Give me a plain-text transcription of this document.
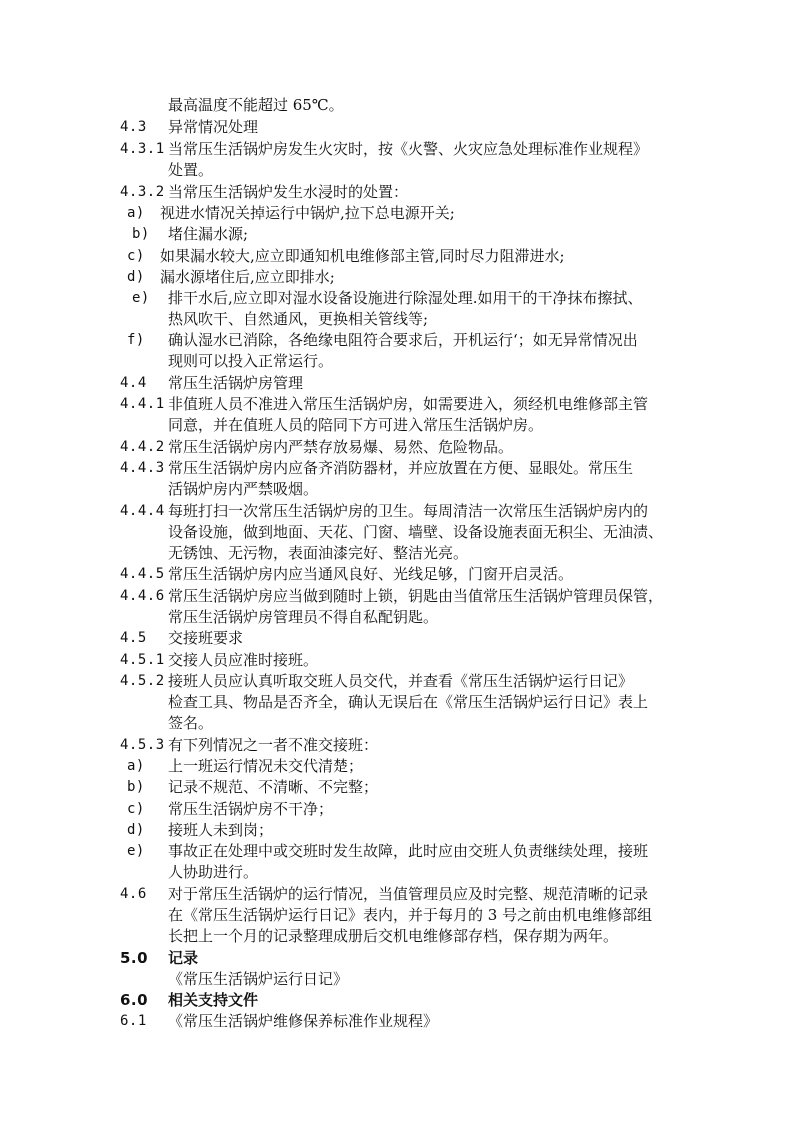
最高温度不能超过 65℃。
4.3 异常情况处理
4.3.1 当常压生活锅炉房发生火灾时，按《火警、火灾应急处理标准作业规程》
处置。
4.3.2 当常压生活锅炉发生水浸时的处置：
a) 视进水情况关掉运行中锅炉,拉下总电源开关;
b) 堵住漏水源;
c) 如果漏水较大,应立即通知机电维修部主管,同时尽力阻滞进水;
d) 漏水源堵住后,应立即排水;
e) 排干水后,应立即对湿水设备设施进行除湿处理.如用干的干净抹布擦拭、
热风吹干、自然通风，更换相关管线等;
f) 确认湿水已消除，各绝缘电阻符合要求后，开机运行‘；如无异常情况出
现则可以投入正常运行。
4.4 常压生活锅炉房管理
4.4.1 非值班人员不准进入常压生活锅炉房，如需要进入，须经机电维修部主管
同意，并在值班人员的陪同下方可进入常压生活锅炉房。
4.4.2 常压生活锅炉房内严禁存放易爆、易然、危险物品。
4.4.3 常压生活锅炉房内应备齐消防器材，并应放置在方便、显眼处。常压生
活锅炉房内严禁吸烟。
4.4.4 每班打扫一次常压生活锅炉房的卫生。每周清洁一次常压生活锅炉房内的
设备设施，做到地面、天花、门窗、墙壁、设备设施表面无积尘、无油渍、
无锈蚀、无污物，表面油漆完好、整洁光亮。
4.4.5 常压生活锅炉房内应当通风良好、光线足够，门窗开启灵活。
4.4.6 常压生活锅炉房应当做到随时上锁，钥匙由当值常压生活锅炉管理员保管，
常压生活锅炉房管理员不得自私配钥匙。
4.5 交接班要求
4.5.1 交接人员应准时接班。
4.5.2 接班人员应认真听取交班人员交代，并查看《常压生活锅炉运行日记》
检查工具、物品是否齐全，确认无误后在《常压生活锅炉运行日记》表上
签名。
4.5.3 有下列情况之一者不准交接班：
a) 上一班运行情况未交代清楚；
b) 记录不规范、不清晰、不完整；
c) 常压生活锅炉房不干净；
d) 接班人未到岗；
e) 事故正在处理中或交班时发生故障，此时应由交班人负责继续处理，接班
人协助进行。
4.6 对于常压生活锅炉的运行情况，当值管理员应及时完整、规范清晰的记录
在《常压生活锅炉运行日记》表内，并于每月的 3 号之前由机电维修部组
长把上一个月的记录整理成册后交机电维修部存档，保存期为两年。
5.0 记录
《常压生活锅炉运行日记》
6.0 相关支持文件
6.1 《常压生活锅炉维修保养标准作业规程》
